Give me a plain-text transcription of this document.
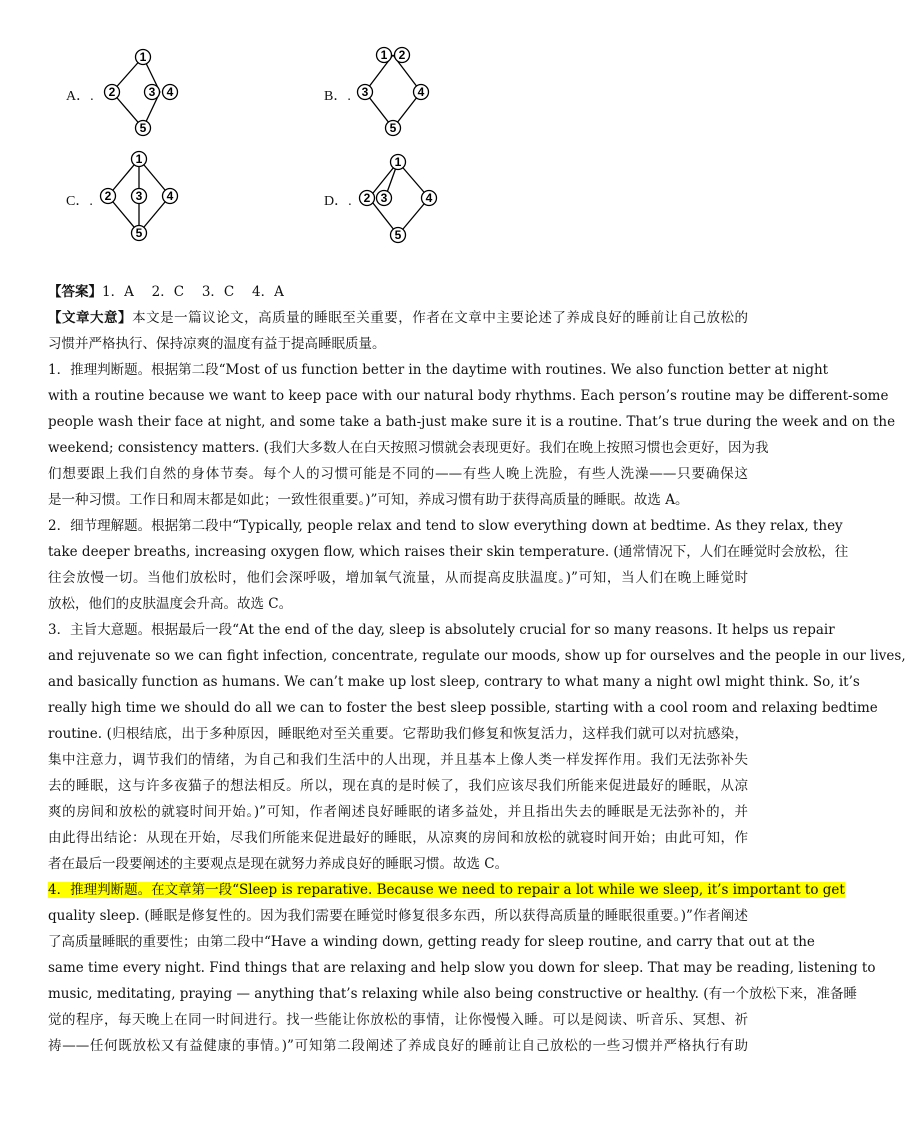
A．.
1
2	3 4
5
B．.
1 2
3	4
5
C．.
1
2 3 4
5
D．.
1
2 3	4
5
【答案】1．A　 2．C　 3．C　 4．A
【文章大意】本文是一篇议论文，高质量的睡眠至关重要，作者在文章中主要论述了养成良好的睡前让自己放松的
习惯并严格执行、保持凉爽的温度有益于提高睡眠质量。
1．推理判断题。根据第二段“Most of us function better in the daytime with routines. We also function better at night
with a routine because we want to keep pace with our natural body rhythms. Each person’s routine may be different-some
people wash their face at night, and some take a bath-just make sure it is a routine. That’s true during the week and on the
weekend; consistency matters. (我们大多数人在白天按照习惯就会表现更好。我们在晚上按照习惯也会更好，因为我
们想要跟上我们自然的身体节奏。每个人的习惯可能是不同的——有些人晚上洗脸，有些人洗澡——只要确保这
是一种习惯。工作日和周末都是如此；一致性很重要。)”可知，养成习惯有助于获得高质量的睡眠。故选 A。
2．细节理解题。根据第二段中“Typically, people relax and tend to slow everything down at bedtime. As they relax, they
take deeper breaths, increasing oxygen flow, which raises their skin temperature. (通常情况下，人们在睡觉时会放松，往
往会放慢一切。当他们放松时，他们会深呼吸，增加氧气流量，从而提高皮肤温度。)”可知，当人们在晚上睡觉时
放松，他们的皮肤温度会升高。故选 C。
3．主旨大意题。根据最后一段“At the end of the day, sleep is absolutely crucial for so many reasons. It helps us repair
and rejuvenate so we can fight infection, concentrate, regulate our moods, show up for ourselves and the people in our lives,
and basically function as humans. We can’t make up lost sleep, contrary to what many a night owl might think. So, it’s
really high time we should do all we can to foster the best sleep possible, starting with a cool room and relaxing bedtime
routine. (归根结底，出于多种原因，睡眠绝对至关重要。它帮助我们修复和恢复活力，这样我们就可以对抗感染，
集中注意力，调节我们的情绪，为自己和我们生活中的人出现，并且基本上像人类一样发挥作用。我们无法弥补失
去的睡眠，这与许多夜猫子的想法相反。所以，现在真的是时候了，我们应该尽我们所能来促进最好的睡眠，从凉
爽的房间和放松的就寝时间开始。)”可知，作者阐述良好睡眠的诸多益处，并且指出失去的睡眠是无法弥补的，并
由此得出结论：从现在开始，尽我们所能来促进最好的睡眠，从凉爽的房间和放松的就寝时间开始；由此可知，作
者在最后一段要阐述的主要观点是现在就努力养成良好的睡眠习惯。故选 C。
4．推理判断题。在文章第一段“Sleep is reparative. Because we need to repair a lot while we sleep, it’s important to get
quality sleep. (睡眠是修复性的。因为我们需要在睡觉时修复很多东西，所以获得高质量的睡眠很重要。)”作者阐述
了高质量睡眠的重要性；由第二段中“Have a winding down, getting ready for sleep routine, and carry that out at the
same time every night. Find things that are relaxing and help slow you down for sleep. That may be reading, listening to
music, meditating, praying — anything that’s relaxing while also being constructive or healthy. (有一个放松下来，准备睡
觉的程序，每天晚上在同一时间进行。找一些能让你放松的事情，让你慢慢入睡。可以是阅读、听音乐、冥想、祈
祷——任何既放松又有益健康的事情。)”可知第二段阐述了养成良好的睡前让自己放松的一些习惯并严格执行有助
